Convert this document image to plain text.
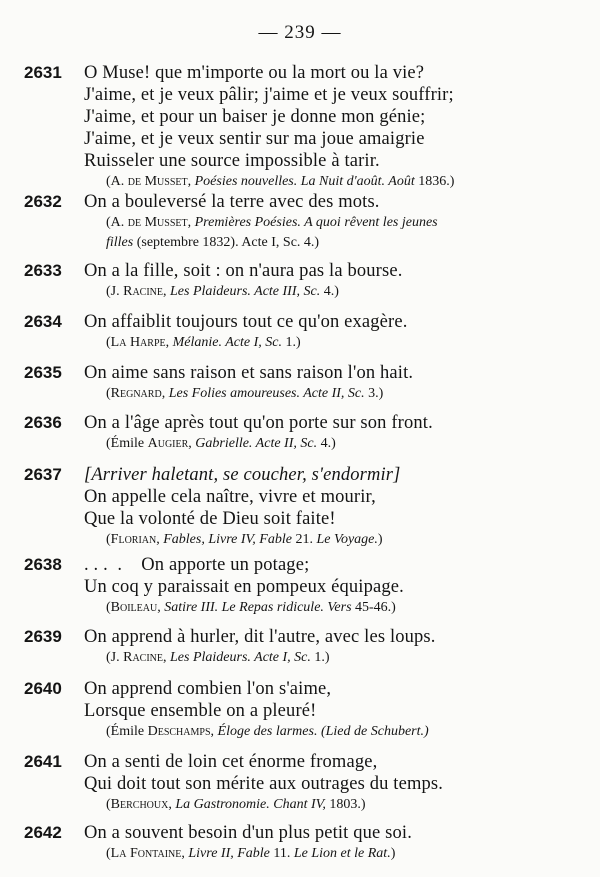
— 239 —
2631 O Muse! que m'importe ou la mort ou la vie?
J'aime, et je veux pâlir; j'aime et je veux souffrir;
J'aime, et pour un baiser je donne mon génie;
J'aime, et je veux sentir sur ma joue amaigrie
Ruisseler une source impossible à tarir.
(A. de Musset, Poésies nouvelles. La Nuit d'août. Août 1836.)
2632 On a bouleversé la terre avec des mots.
(A. de Musset, Premières Poésies. A quoi rêvent les jeunes
filles (septembre 1832). Acte I, Sc. 4.)
2633 On a la fille, soit : on n'aura pas la bourse.
(J. Racine, Les Plaideurs. Acte III, Sc. 4.)
2634 On affaiblit toujours tout ce qu'on exagère.
(La Harpe, Mélanie. Acte I, Sc. 1.)
2635 On aime sans raison et sans raison l'on hait.
(Regnard, Les Folies amoureuses. Acte II, Sc. 3.)
2636 On a l'âge après tout qu'on porte sur son front.
(Émile Augier, Gabrielle. Acte II, Sc. 4.)
2637 [Arriver haletant, se coucher, s'endormir]
On appelle cela naître, vivre et mourir,
Que la volonté de Dieu soit faite!
(Florian, Fables, Livre IV, Fable 21. Le Voyage.)
2638 . . .  .    On apporte un potage;
Un coq y paraissait en pompeux équipage.
(Boileau, Satire III. Le Repas ridicule. Vers 45-46.)
2639 On apprend à hurler, dit l'autre, avec les loups.
(J. Racine, Les Plaideurs. Acte I, Sc. 1.)
2640 On apprend combien l'on s'aime,
Lorsque ensemble on a pleuré!
(Émile Deschamps, Éloge des larmes. (Lied de Schubert.)
2641 On a senti de loin cet énorme fromage,
Qui doit tout son mérite aux outrages du temps.
(Berchoux, La Gastronomie. Chant IV, 1803.)
2642 On a souvent besoin d'un plus petit que soi.
(La Fontaine, Livre II, Fable 11. Le Lion et le Rat.)
